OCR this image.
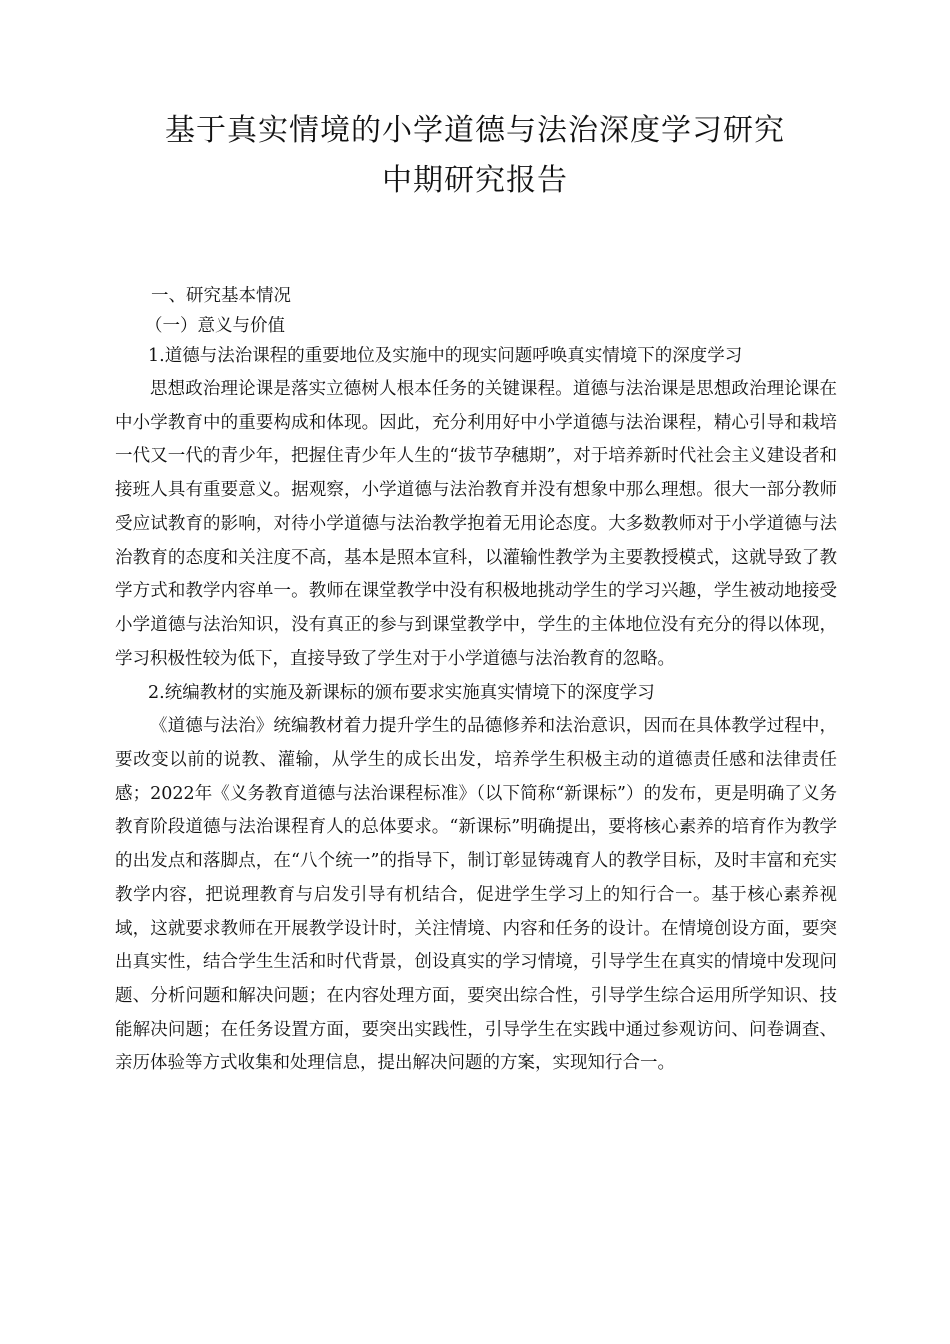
基于真实情境的小学道德与法治深度学习研究
中期研究报告
一、研究基本情况
（一）意义与价值
1.道德与法治课程的重要地位及实施中的现实问题呼唤真实情境下的深度学习

思想政治理论课是落实立德树人根本任务的关键课程。道德与法治课是思想政治理论课在中小学教育中的重要构成和体现。因此，充分利用好中小学道德与法治课程，精心引导和栽培一代又一代的青少年，把握住青少年人生的“拔节孕穗期”，对于培养新时代社会主义建设者和接班人具有重要意义。据观察，小学道德与法治教育并没有想象中那么理想。很大一部分教师受应试教育的影响，对待小学道德与法治教学抱着无用论态度。大多数教师对于小学道德与法治教育的态度和关注度不高，基本是照本宣科，以灌输性教学为主要教授模式，这就导致了教学方式和教学内容单一。教师在课堂教学中没有积极地挑动学生的学习兴趣，学生被动地接受小学道德与法治知识，没有真正的参与到课堂教学中，学生的主体地位没有充分的得以体现，学习积极性较为低下，直接导致了学生对于小学道德与法治教育的忽略。

2.统编教材的实施及新课标的颁布要求实施真实情境下的深度学习

《道德与法治》统编教材着力提升学生的品德修养和法治意识，因而在具体教学过程中，要改变以前的说教、灌输，从学生的成长出发，培养学生积极主动的道德责任感和法律责任感；2022年《义务教育道德与法治课程标准》（以下简称“新课标”）的发布，更是明确了义务教育阶段道德与法治课程育人的总体要求。“新课标”明确提出，要将核心素养的培育作为教学的出发点和落脚点，在“八个统一”的指导下，制订彰显铸魂育人的教学目标，及时丰富和充实教学内容，把说理教育与启发引导有机结合，促进学生学习上的知行合一。基于核心素养视域，这就要求教师在开展教学设计时，关注情境、内容和任务的设计。在情境创设方面，要突出真实性，结合学生生活和时代背景，创设真实的学习情境，引导学生在真实的情境中发现问题、分析问题和解决问题；在内容处理方面，要突出综合性，引导学生综合运用所学知识、技能解决问题；在任务设置方面，要突出实践性，引导学生在实践中通过参观访问、问卷调查、亲历体验等方式收集和处理信息，提出解决问题的方案，实现知行合一。
